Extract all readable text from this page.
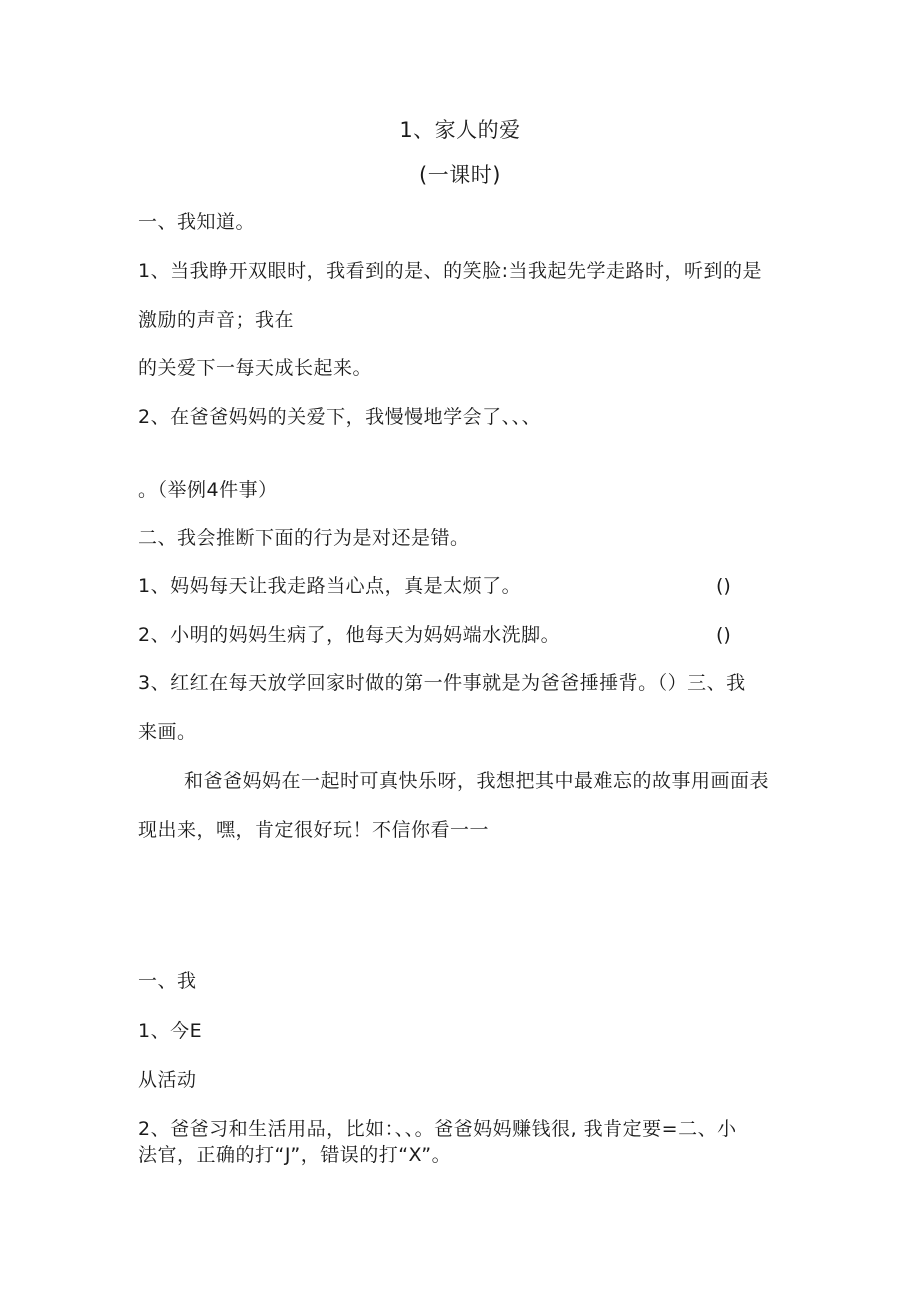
1、家人的爱
(一课时)
一、我知道。
1、当我睁开双眼时，我看到的是、的笑脸:当我起先学走路时，听到的是
激励的声音；我在
的关爱下一每天成长起来。
2、在爸爸妈妈的关爱下，我慢慢地学会了、、、
。（举例4件事）
二、我会推断下面的行为是对还是错。
1、妈妈每天让我走路当心点，真是太烦了。	()
2、小明的妈妈生病了，他每天为妈妈端水洗脚。	()
3、红红在每天放学回家时做的第一件事就是为爸爸捶捶背。（）三、我
来画。
和爸爸妈妈在一起时可真快乐呀，我想把其中最难忘的故事用画面表
现出来，嘿，肯定很好玩！不信你看一一
一、我
1、今E
从活动
2、爸爸习和生活用品，比如：、、。爸爸妈妈赚钱很, 我肯定要=二、小
法官，正确的打“J”，错误的打“X”。
